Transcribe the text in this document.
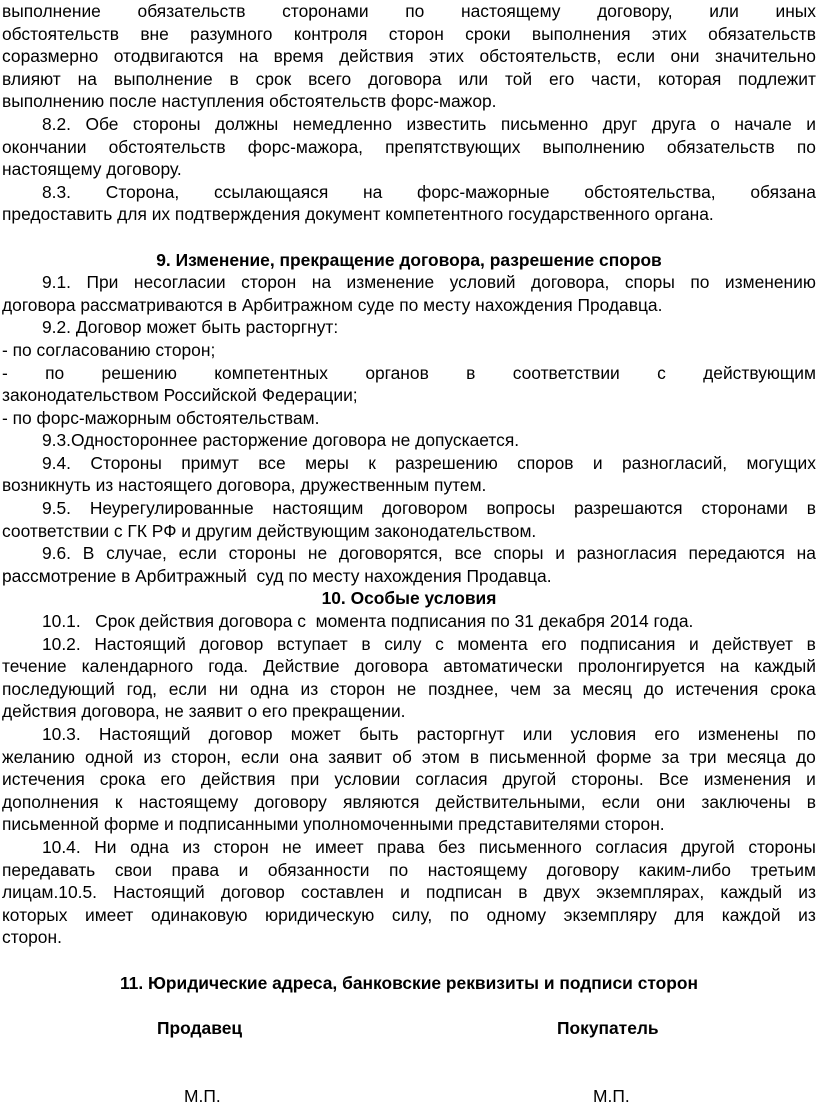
выполнение обязательств сторонами по настоящему договору, или иных
обстоятельств вне разумного контроля сторон сроки выполнения этих обязательств
соразмерно отодвигаются на время действия этих обстоятельств, если они значительно
влияют на выполнение в срок всего договора или той его части, которая подлежит
выполнению после наступления обстоятельств форс-мажор.
8.2. Обе стороны должны немедленно известить письменно друг друга о начале и
окончании обстоятельств форс-мажора, препятствующих выполнению обязательств по
настоящему договору.
8.3. Сторона, ссылающаяся на форс-мажорные обстоятельства, обязана
предоставить для их подтверждения документ компетентного государственного органа.
9. Изменение, прекращение договора, разрешение споров
9.1. При несогласии сторон на изменение условий договора, споры по изменению
договора рассматриваются в Арбитражном суде по месту нахождения Продавца.
9.2. Договор может быть расторгнут:
- по согласованию сторон;
- по решению компетентных органов в соответствии с действующим
законодательством Российской Федерации;
- по форс-мажорным обстоятельствам.
9.3.Одностороннее расторжение договора не допускается.
9.4. Стороны примут все меры к разрешению споров и разногласий, могущих
возникнуть из настоящего договора, дружественным путем.
9.5. Неурегулированные настоящим договором вопросы разрешаются сторонами в
соответствии с ГК РФ и другим действующим законодательством.
9.6. В случае, если стороны не договорятся, все споры и разногласия передаются на
рассмотрение в Арбитражный  суд по месту нахождения Продавца.
10. Особые условия
10.1.   Срок действия договора с  момента подписания по 31 декабря 2014 года.
10.2. Настоящий договор вступает в силу с момента его подписания и действует в
течение календарного года. Действие договора автоматически пролонгируется на каждый
последующий год, если ни одна из сторон не позднее, чем за месяц до истечения срока
действия договора, не заявит о его прекращении.
10.3. Настоящий договор может быть расторгнут или условия его изменены по
желанию одной из сторон, если она заявит об этом в письменной форме за три месяца до
истечения срока его действия при условии согласия другой стороны. Все изменения и
дополнения к настоящему договору являются действительными, если они заключены в
письменной форме и подписанными уполномоченными представителями сторон.
10.4. Ни одна из сторон не имеет права без письменного согласия другой стороны
передавать свои права и обязанности по настоящему договору каким-либо третьим
лицам.10.5. Настоящий договор составлен и подписан в двух экземплярах, каждый из
которых имеет одинаковую юридическую силу, по одному экземпляру для каждой из
сторон.
11. Юридические адреса, банковские реквизиты и подписи сторон
Продавец	Покупатель
М.П.	М.П.
